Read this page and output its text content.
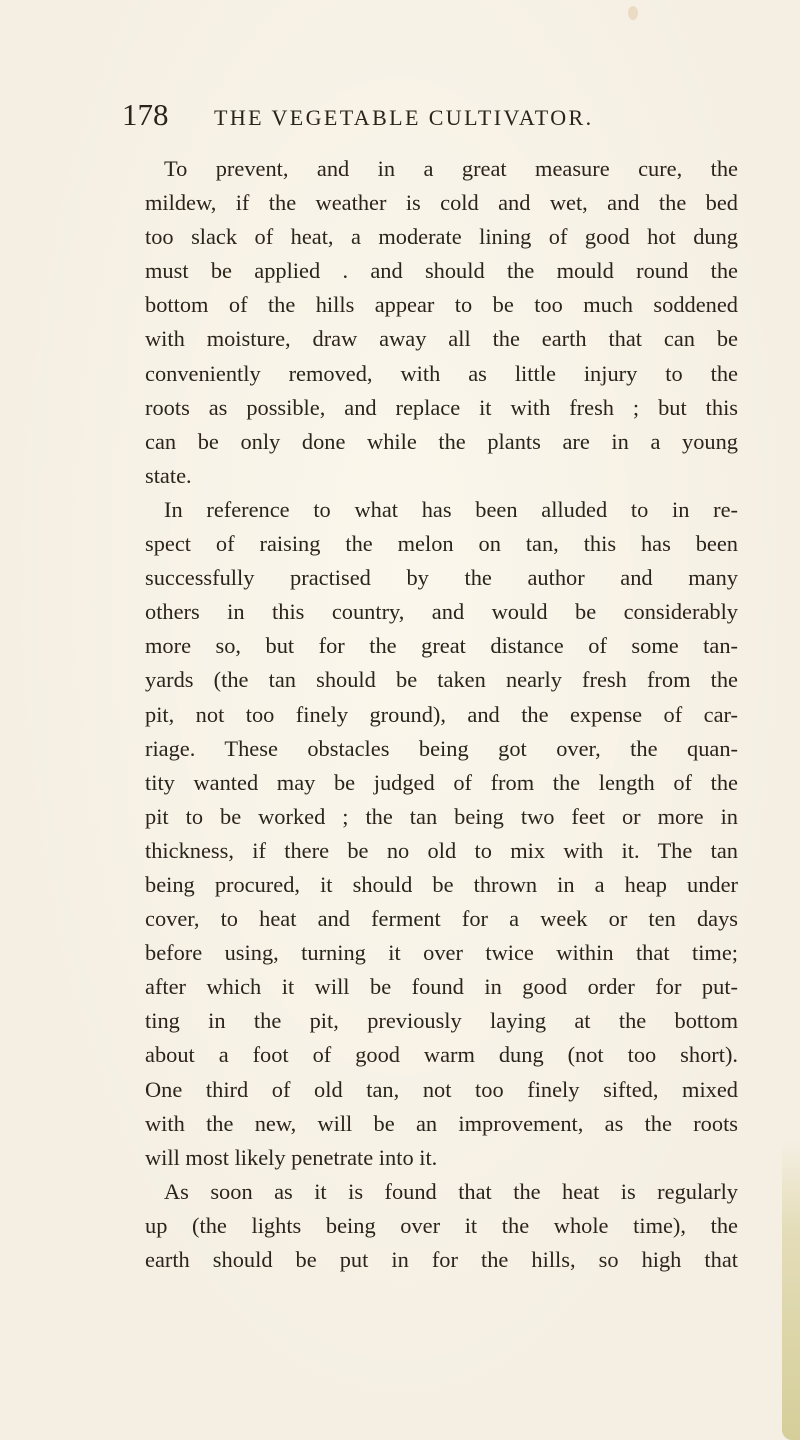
178 THE VEGETABLE CULTIVATOR.
To prevent, and in a great measure cure, the
mildew, if the weather is cold and wet, and the bed
too slack of heat, a moderate lining of good hot dung
must be applied . and should the mould round the
bottom of the hills appear to be too much soddened
with moisture, draw away all the earth that can be
conveniently removed, with as little injury to the
roots as possible, and replace it with fresh ; but this
can be only done while the plants are in a young
state.
In reference to what has been alluded to in re-
spect of raising the melon on tan, this has been
successfully practised by the author and many
others in this country, and would be considerably
more so, but for the great distance of some tan-
yards (the tan should be taken nearly fresh from the
pit, not too finely ground), and the expense of car-
riage. These obstacles being got over, the quan-
tity wanted may be judged of from the length of the
pit to be worked ; the tan being two feet or more in
thickness, if there be no old to mix with it. The tan
being procured, it should be thrown in a heap under
cover, to heat and ferment for a week or ten days
before using, turning it over twice within that time;
after which it will be found in good order for put-
ting in the pit, previously laying at the bottom
about a foot of good warm dung (not too short).
One third of old tan, not too finely sifted, mixed
with the new, will be an improvement, as the roots
will most likely penetrate into it.
As soon as it is found that the heat is regularly
up (the lights being over it the whole time), the
earth should be put in for the hills, so high that
